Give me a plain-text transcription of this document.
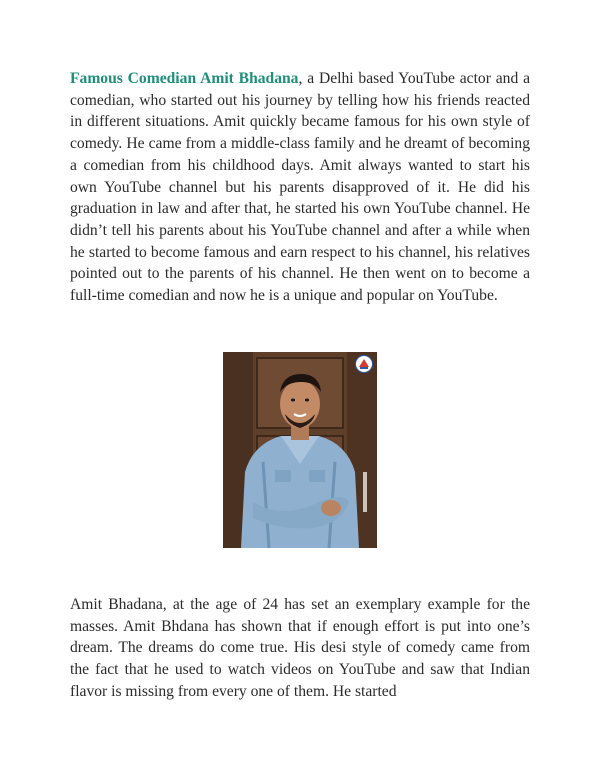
Famous Comedian Amit Bhadana, a Delhi based YouTube actor and a comedian, who started out his journey by telling how his friends reacted in different situations. Amit quickly became famous for his own style of comedy. He came from a middle-class family and he dreamt of becoming a comedian from his childhood days. Amit always wanted to start his own YouTube channel but his parents disapproved of it. He did his graduation in law and after that, he started his own YouTube channel. He didn’t tell his parents about his YouTube channel and after a while when he started to become famous and earn respect to his channel, his relatives pointed out to the parents of his channel. He then went on to become a full-time comedian and now he is a unique and popular on YouTube.

Amit Bhadana, at the age of 24 has set an exemplary example for the masses. Amit Bhdana has shown that if enough effort is put into one’s dream. The dreams do come true. His desi style of comedy came from the fact that he used to watch videos on YouTube and saw that Indian flavor is missing from every one of them. He started
